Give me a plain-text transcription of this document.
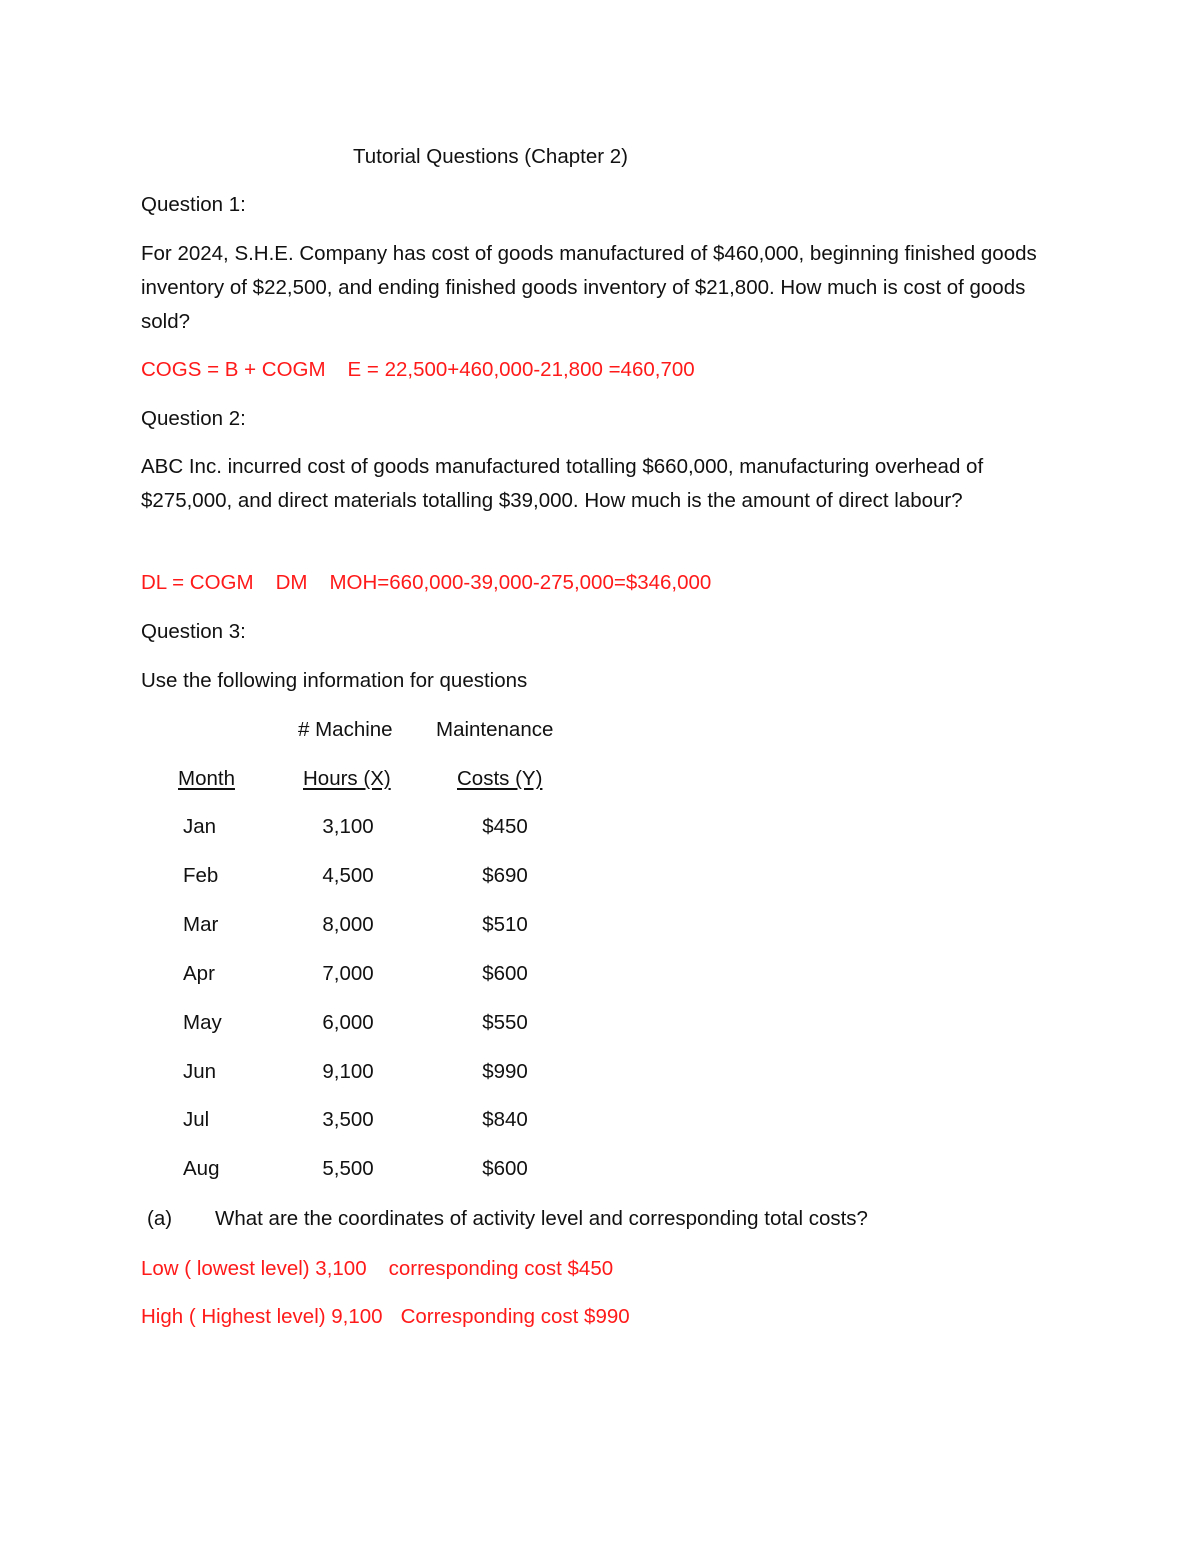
Tutorial Questions (Chapter 2)

Question 1:

For 2024, S.H.E. Company has cost of goods manufactured of $460,000, beginning finished goods inventory of $22,500, and ending finished goods inventory of $21,800. How much is cost of goods sold?

COGS = B + COGM E = 22,500+460,000-21,800 =460,700

Question 2:

ABC Inc. incurred cost of goods manufactured totalling $660,000, manufacturing overhead of $275,000, and direct materials totalling $39,000. How much is the amount of direct labour?

DL = COGM DM MOH=660,000-39,000-275,000=$346,000

Question 3:

Use the following information for questions

# Machine Maintenance
Month	Hours (X)	Costs (Y)
Jan	3,100	$450
Feb	4,500	$690
Mar	8,000	$510
Apr	7,000	$600
May	6,000	$550
Jun	9,100	$990
Jul	3,500	$840
Aug	5,500	$600
(a) What are the coordinates of activity level and corresponding total costs?

Low ( lowest level) 3,100 corresponding cost $450

High ( Highest level) 9,100 Corresponding cost $990
